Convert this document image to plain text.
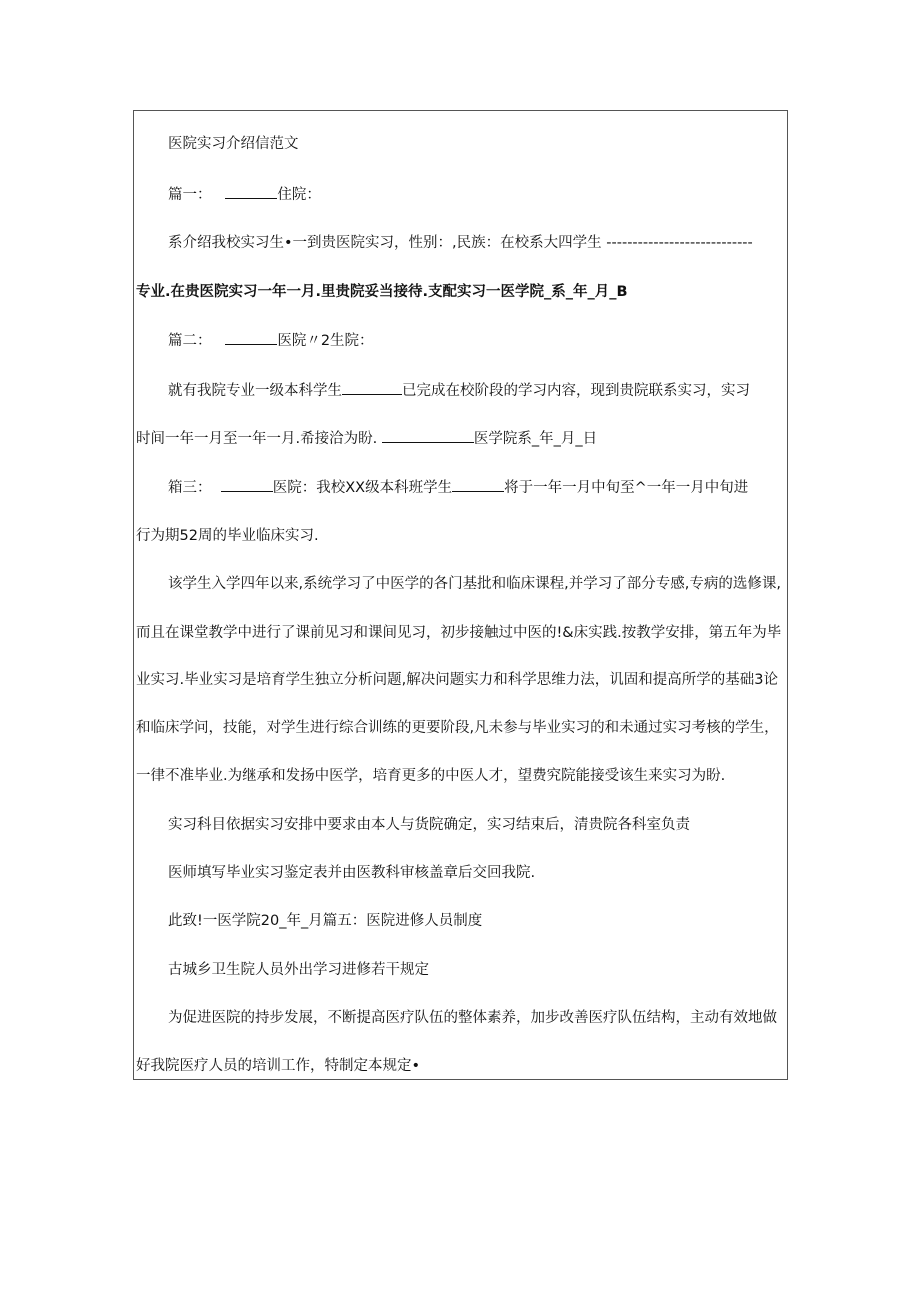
医院实习介绍信范文
篇一：	住院：
系介绍我校实习生•一到贵医院实习，性别：,民族：在校系大四学生 ----------------------------
专业.在贵医院实习一年一月.里贵院妥当接待.支配实习一医学院_系_年_月_B
篇二：	医院〃2生院：
就有我院专业一级本科学生	已完成在校阶段的学习内容，现到贵院联系实习，实习
时间一年一月至一年一月.希接洽为盼.	医学院系_年_月_日
箱三：	医院：我校XX级本科班学生	将于一年一月中旬至^一年一月中旬进
行为期52周的毕业临床实习.
该学生入学四年以来,系统学习了中医学的各门基批和临床课程,并学习了部分专感,专病的选修课,
而且在课堂教学中进行了课前见习和课间见习，初步接触过中医的!&床实践.按教学安排，第五年为毕
业实习.毕业实习是培育学生独立分析问题,解决问题实力和科学思维力法，讥固和提高所学的基础3论
和临床学问，技能，对学生进行综合训练的更要阶段,凡未参与毕业实习的和未通过实习考核的学生，
一律不准毕业.为继承和发扬中医学，培育更多的中医人才，望费究院能接受该生来实习为盼.
实习科目依据实习安排中要求由本人与货院确定，实习结束后，清贵院各科室负责
医师填写毕业实习鉴定表并由医教科审核盖章后交回我院.
此致!一医学院20_年_月篇五：医院进修人员制度
古城乡卫生院人员外出学习进修若干规定
为促进医院的持步发展，不断提高医疗队伍的整体素养，加步改善医疗队伍结构，主动有效地做
好我院医疗人员的培训工作，特制定本规定•
